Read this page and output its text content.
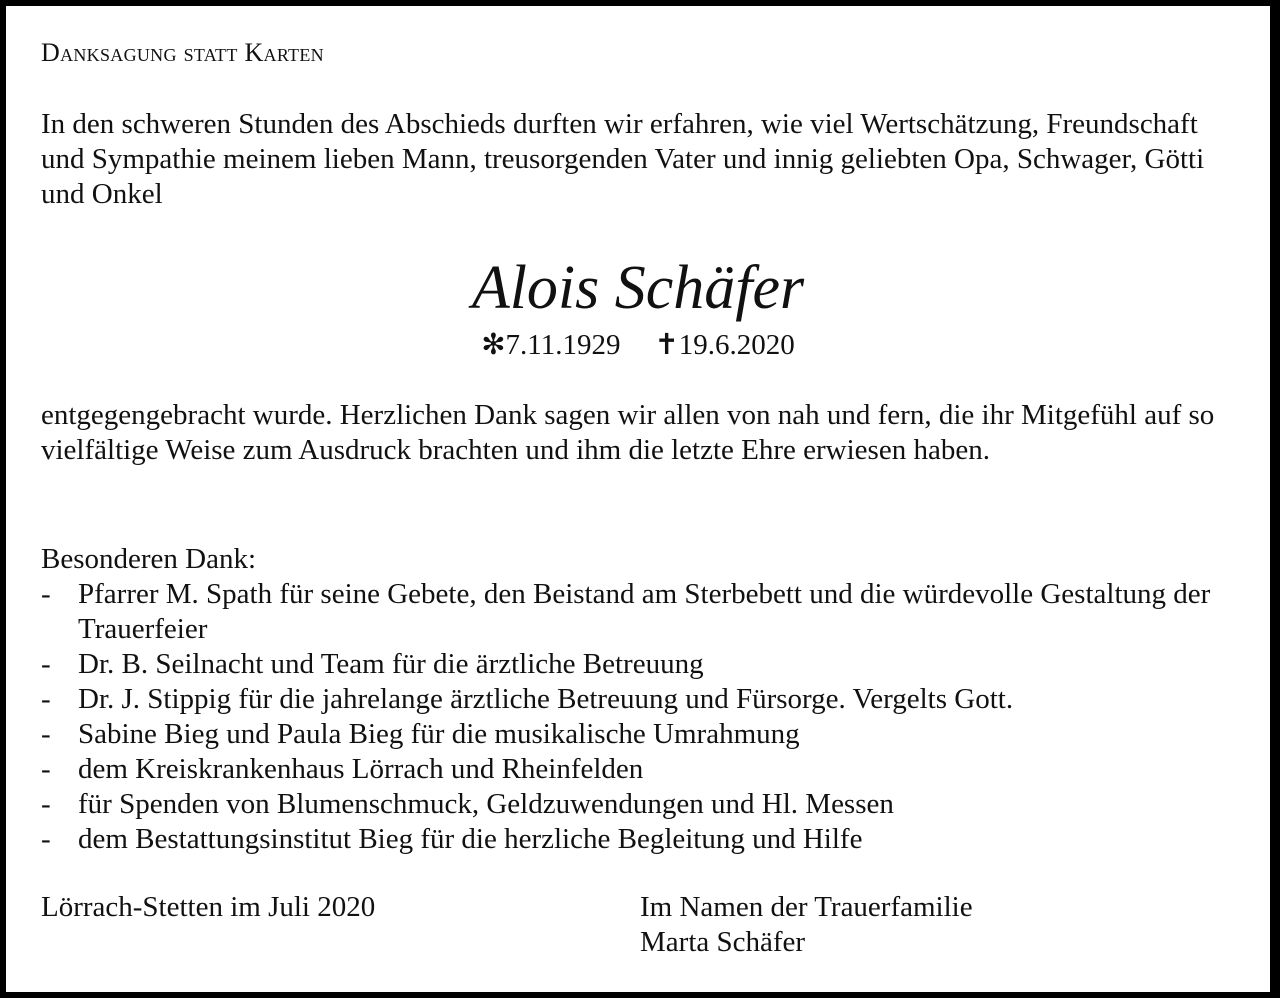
Danksagung statt Karten

In den schweren Stunden des Abschieds durften wir erfahren, wie viel Wertschätzung, Freundschaft und Sympathie meinem lieben Mann, treusorgenden Vater und innig geliebten Opa, Schwager, Götti und Onkel

Alois Schäfer
✻7.11.1929 ✝19.6.2020

entgegengebracht wurde. Herzlichen Dank sagen wir allen von nah und fern, die ihr Mitgefühl auf so vielfältige Weise zum Ausdruck brachten und ihm die letzte Ehre erwiesen haben.

Besonderen Dank:
- Pfarrer M. Spath für seine Gebete, den Beistand am Sterbebett und die würdevolle Gestaltung der Trauerfeier
- Dr. B. Seilnacht und Team für die ärztliche Betreuung
- Dr. J. Stippig für die jahrelange ärztliche Betreuung und Fürsorge. Vergelts Gott.
- Sabine Bieg und Paula Bieg für die musikalische Umrahmung
- dem Kreiskrankenhaus Lörrach und Rheinfelden
- für Spenden von Blumenschmuck, Geldzuwendungen und Hl. Messen
- dem Bestattungsinstitut Bieg für die herzliche Begleitung und Hilfe
Lörrach-Stetten im Juli 2020	Im Namen der Trauerfamilie
Marta Schäfer
